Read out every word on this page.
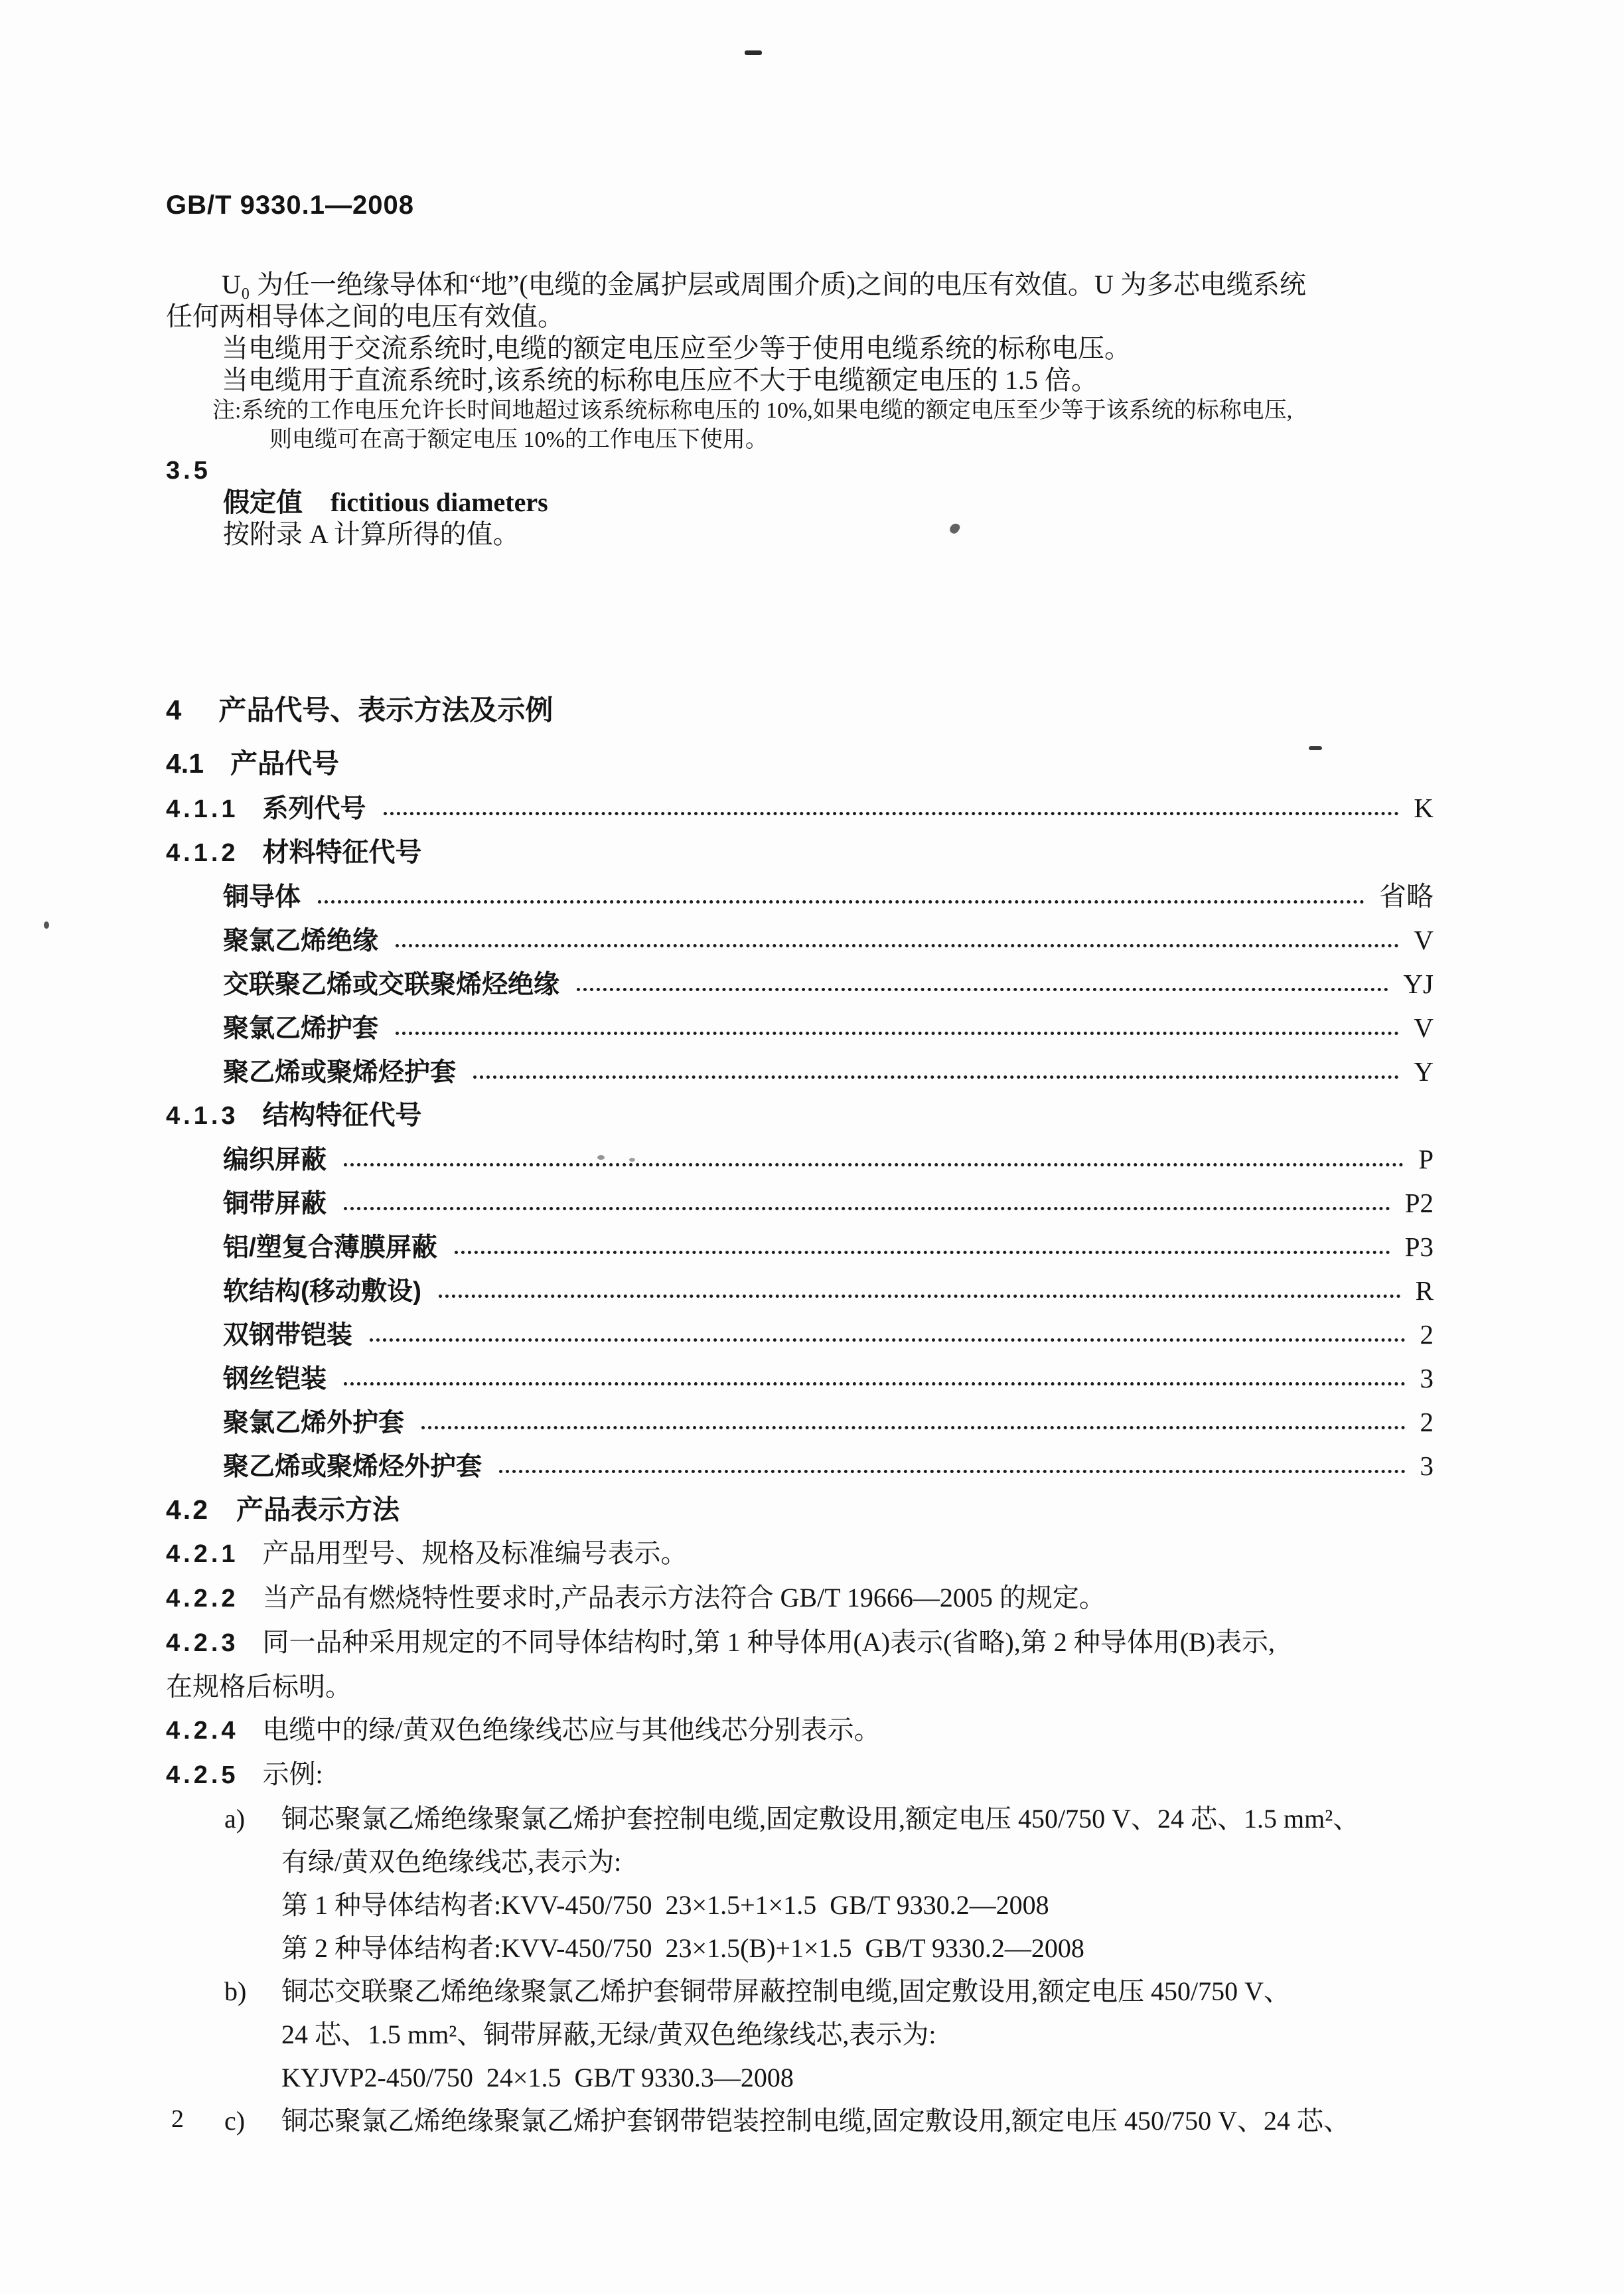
GB/T 9330.1—2008
U₀ 为任一绝缘导体和“地”(电缆的金属护层或周围介质)之间的电压有效值。U 为多芯电缆系统
任何两相导体之间的电压有效值。
当电缆用于交流系统时,电缆的额定电压应至少等于使用电缆系统的标称电压。
当电缆用于直流系统时,该系统的标称电压应不大于电缆额定电压的 1.5 倍。
注:系统的工作电压允许长时间地超过该系统标称电压的 10%,如果电缆的额定电压至少等于该系统的标称电压,
则电缆可在高于额定电压 10%的工作电压下使用。
3.5
假定值 fictitious diameters
按附录 A 计算所得的值。
4 产品代号、表示方法及示例
4.1 产品代号
4.1.1 系列代号	K
4.1.2 材料特征代号
铜导体	省略
聚氯乙烯绝缘	V
交联聚乙烯或交联聚烯烃绝缘	YJ
聚氯乙烯护套	V
聚乙烯或聚烯烃护套	Y
4.1.3 结构特征代号
编织屏蔽	P
铜带屏蔽	P2
铝/塑复合薄膜屏蔽	P3
软结构(移动敷设)	R
双钢带铠装	2
钢丝铠装	3
聚氯乙烯外护套	2
聚乙烯或聚烯烃外护套	3
4.2 产品表示方法
4.2.1 产品用型号、规格及标准编号表示。
4.2.2 当产品有燃烧特性要求时,产品表示方法符合 GB/T 19666—2005 的规定。
4.2.3 同一品种采用规定的不同导体结构时,第 1 种导体用(A)表示(省略),第 2 种导体用(B)表示,
在规格后标明。
4.2.4 电缆中的绿/黄双色绝缘线芯应与其他线芯分别表示。
4.2.5 示例:
a)	铜芯聚氯乙烯绝缘聚氯乙烯护套控制电缆,固定敷设用,额定电压 450/750 V、24 芯、1.5 mm²、
有绿/黄双色绝缘线芯,表示为:
第 1 种导体结构者:KVV-450/750  23×1.5+1×1.5  GB/T 9330.2—2008
第 2 种导体结构者:KVV-450/750  23×1.5(B)+1×1.5  GB/T 9330.2—2008
b)	铜芯交联聚乙烯绝缘聚氯乙烯护套铜带屏蔽控制电缆,固定敷设用,额定电压 450/750 V、
24 芯、1.5 mm²、铜带屏蔽,无绿/黄双色绝缘线芯,表示为:
KYJVP2-450/750  24×1.5  GB/T 9330.3—2008
c)	铜芯聚氯乙烯绝缘聚氯乙烯护套钢带铠装控制电缆,固定敷设用,额定电压 450/750 V、24 芯、
2
